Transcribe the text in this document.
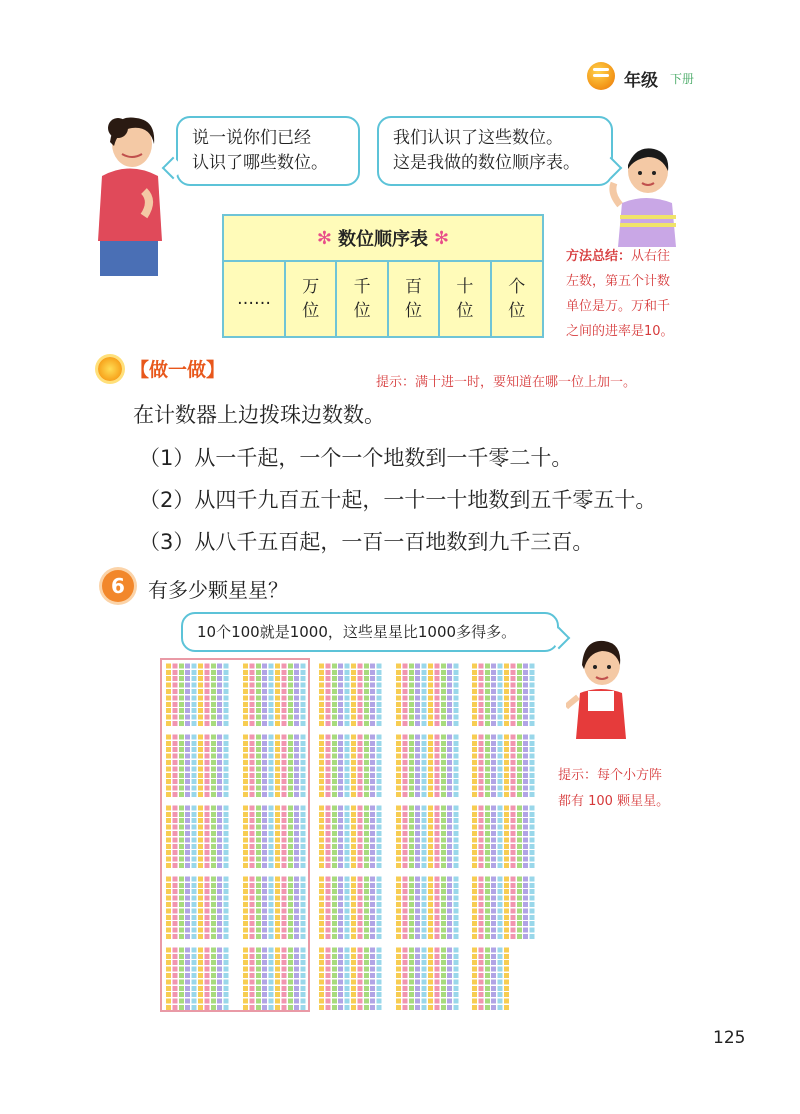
年级 下册
说一说你们已经
认识了哪些数位。
我们认识了这些数位。
这是我做的数位顺序表。
✻ 数位顺序表 ✻
……
万
位
千
位
百
位
十
位
个
位
方法总结：从右往
左数，第五个计数
单位是万。万和千
之间的进率是10。
【做一做】
提示：满十进一时，要知道在哪一位上加一。
在计数器上边拨珠边数数。
（1）从一千起，一个一个地数到一千零二十。
（2）从四千九百五十起，一十一十地数到五千零五十。
（3）从八千五百起，一百一百地数到九千三百。
6	有多少颗星星？
10个100就是1000，这些星星比1000多得多。
提示：每个小方阵
都有 100 颗星星。
125
